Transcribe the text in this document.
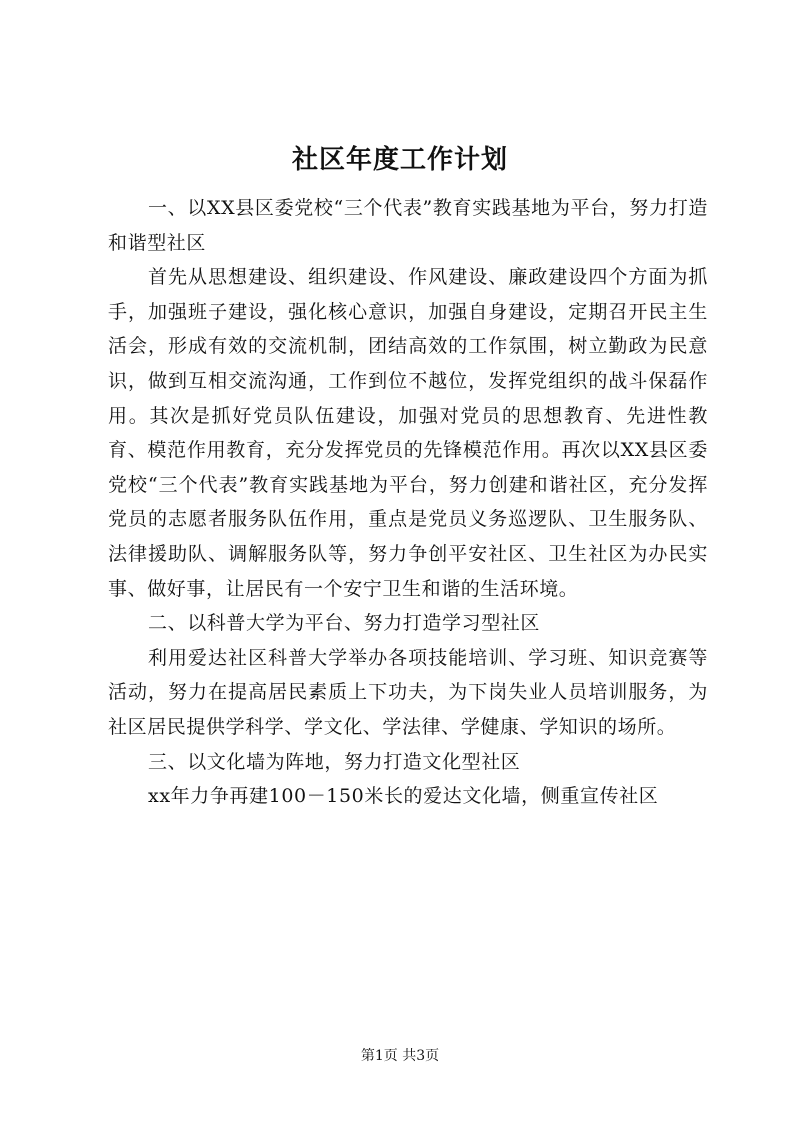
社区年度工作计划

一、以XX县区委党校“三个代表”教育实践基地为平台，努力打造和谐型社区

首先从思想建设、组织建设、作风建设、廉政建设四个方面为抓手，加强班子建设，强化核心意识，加强自身建设，定期召开民主生活会，形成有效的交流机制，团结高效的工作氛围，树立勤政为民意识，做到互相交流沟通，工作到位不越位，发挥党组织的战斗保磊作用。其次是抓好党员队伍建设，加强对党员的思想教育、先进性教育、模范作用教育，充分发挥党员的先锋模范作用。再次以XX县区委党校“三个代表”教育实践基地为平台，努力创建和谐社区，充分发挥党员的志愿者服务队伍作用，重点是党员义务巡逻队、卫生服务队、法律援助队、调解服务队等，努力争创平安社区、卫生社区为办民实事、做好事，让居民有一个安宁卫生和谐的生活环境。

二、以科普大学为平台、努力打造学习型社区

利用爱达社区科普大学举办各项技能培训、学习班、知识竞赛等活动，努力在提高居民素质上下功夫，为下岗失业人员培训服务，为社区居民提供学科学、学文化、学法律、学健康、学知识的场所。

三、以文化墙为阵地，努力打造文化型社区

xx年力争再建100－150米长的爱达文化墙，侧重宣传社区

第1页 共3页
